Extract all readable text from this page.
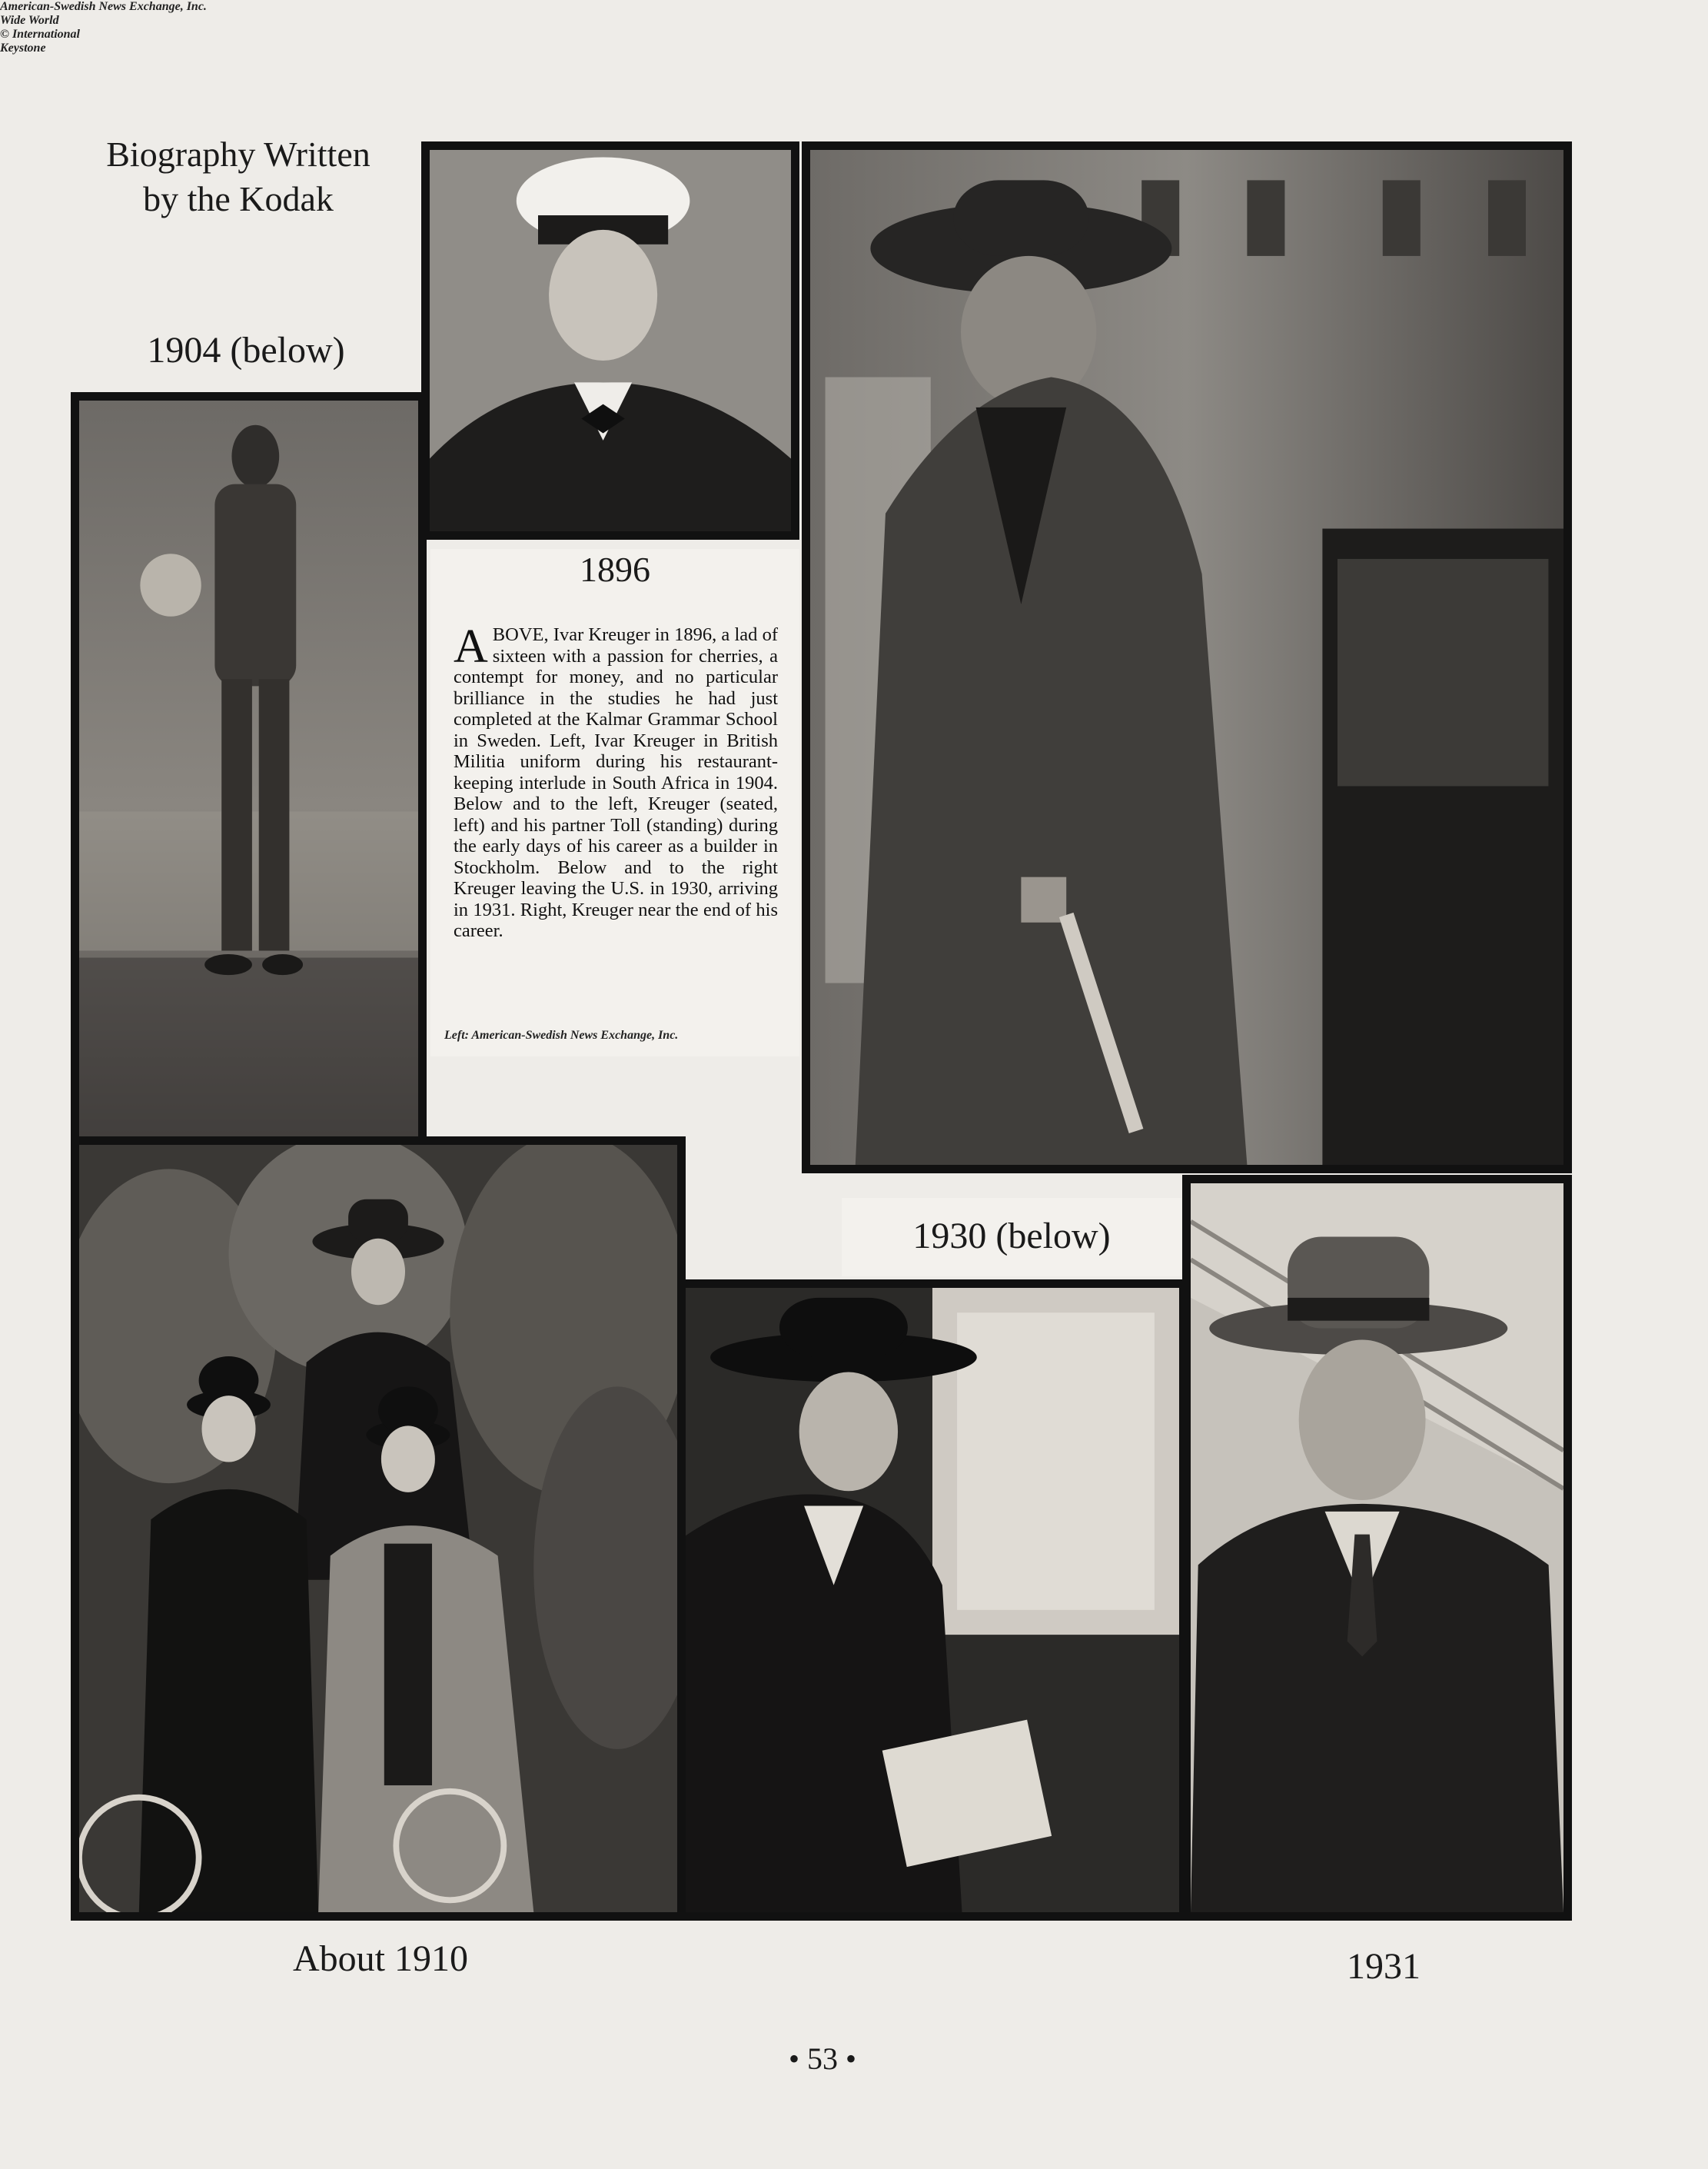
Biography Written
by the Kodak
1904 (below)
1896
ABOVE, Ivar Kreuger in 1896, a lad of sixteen with a passion for cherries, a contempt for money, and no particular brilliance in the studies he had just completed at the Kalmar Grammar School in Sweden. Left, Ivar Kreuger in British Militia uniform during his restaurant-keeping interlude in South Africa in 1904. Below and to the left, Kreuger (seated, left) and his partner Toll (standing) during the early days of his career as a builder in Stockholm. Below and to the right Kreuger leaving the U.S. in 1930, arriving in 1931. Right, Kreuger near the end of his career.
Left: American-Swedish News Exchange, Inc.
American-Swedish News Exchange, Inc.
1930 (below)
Wide World
© International
Keystone
About 1910	1931
• 53 •
